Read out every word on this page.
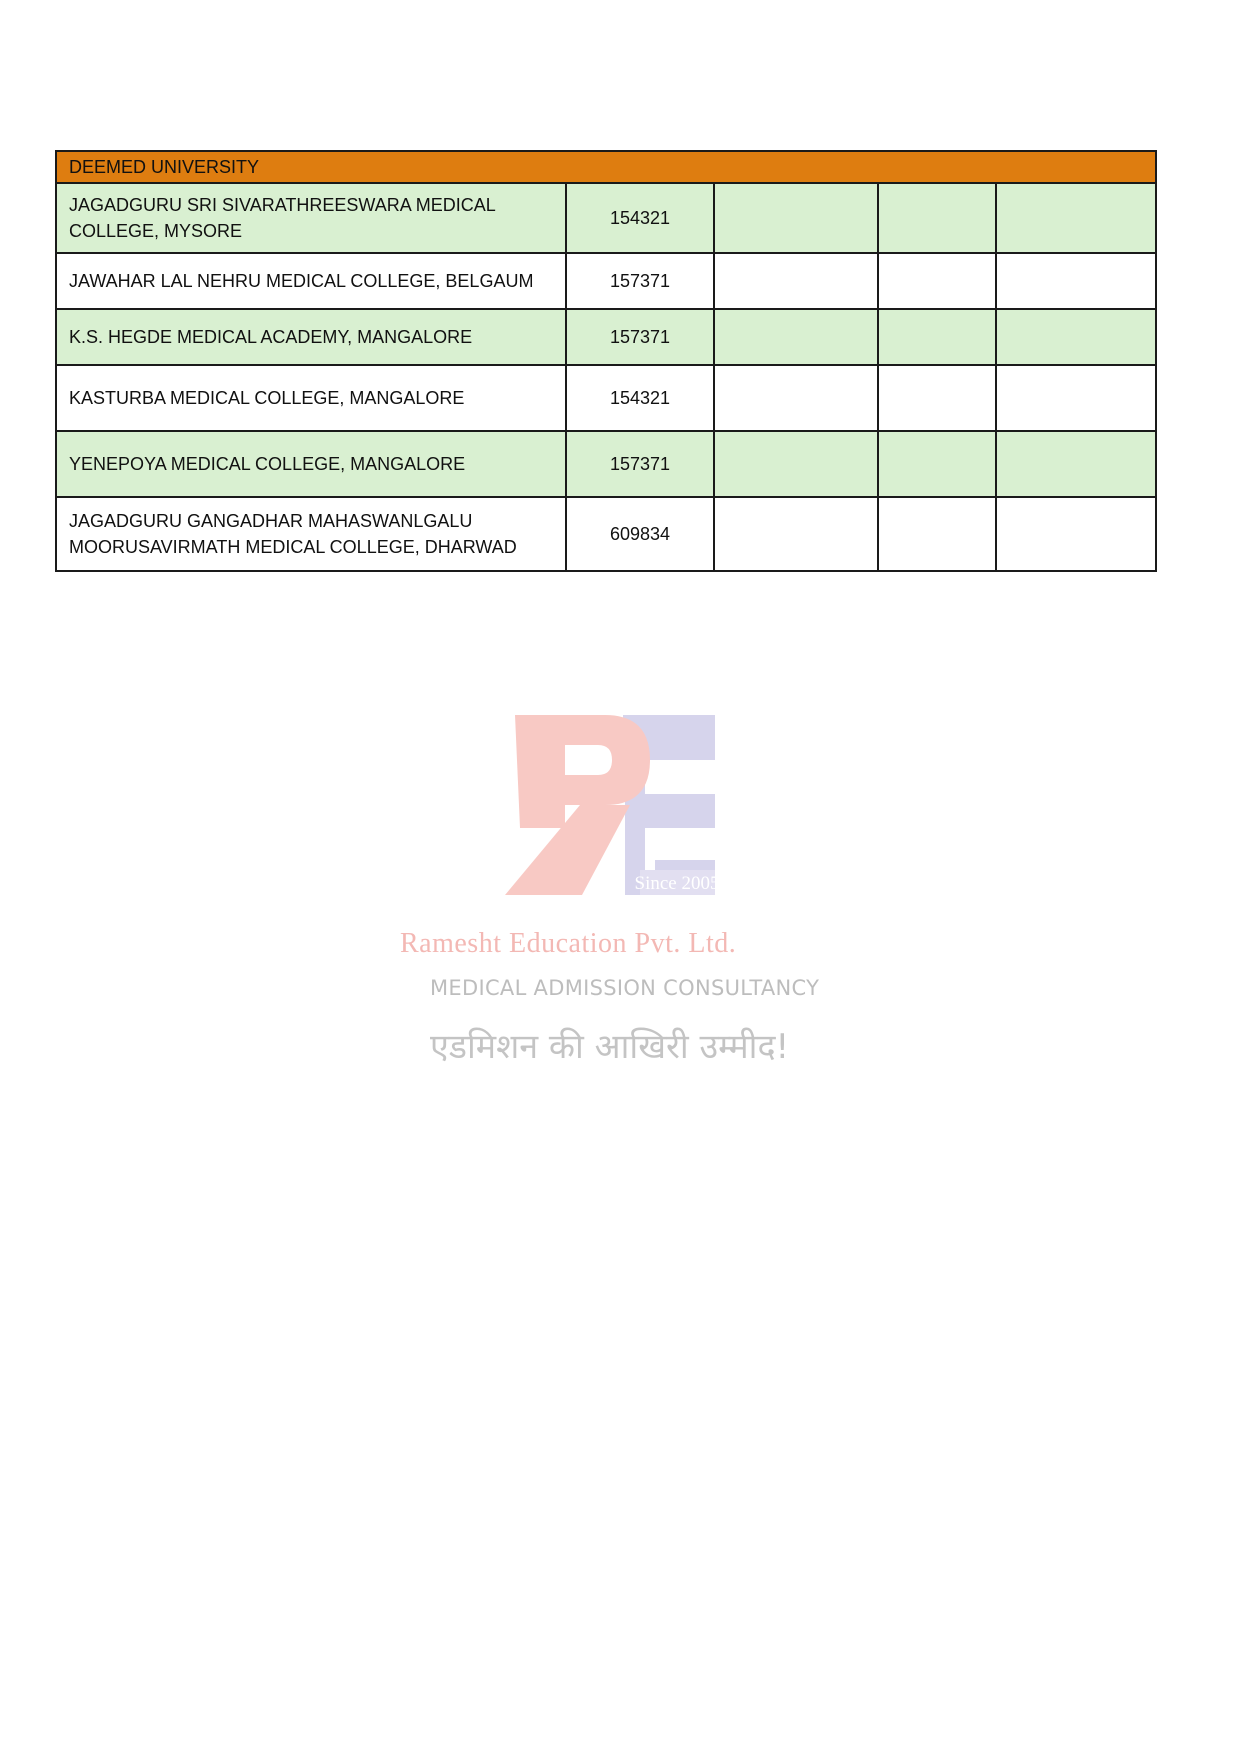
DEEMED UNIVERSITY				
JAGADGURU SRI SIVARATHREESWARA MEDICAL COLLEGE, MYSORE	154321			
JAWAHAR LAL NEHRU MEDICAL COLLEGE, BELGAUM	157371			
K.S. HEGDE MEDICAL ACADEMY, MANGALORE	157371			
KASTURBA MEDICAL COLLEGE, MANGALORE	154321			
YENEPOYA MEDICAL COLLEGE, MANGALORE	157371			
JAGADGURU GANGADHAR MAHASWANLGALU MOORUSAVIRMATH MEDICAL COLLEGE, DHARWAD	609834			
Since 2005
Ramesht Education Pvt. Ltd.
MEDICAL ADMISSION CONSULTANCY
एडमिशन की आखिरी उम्मीद!
